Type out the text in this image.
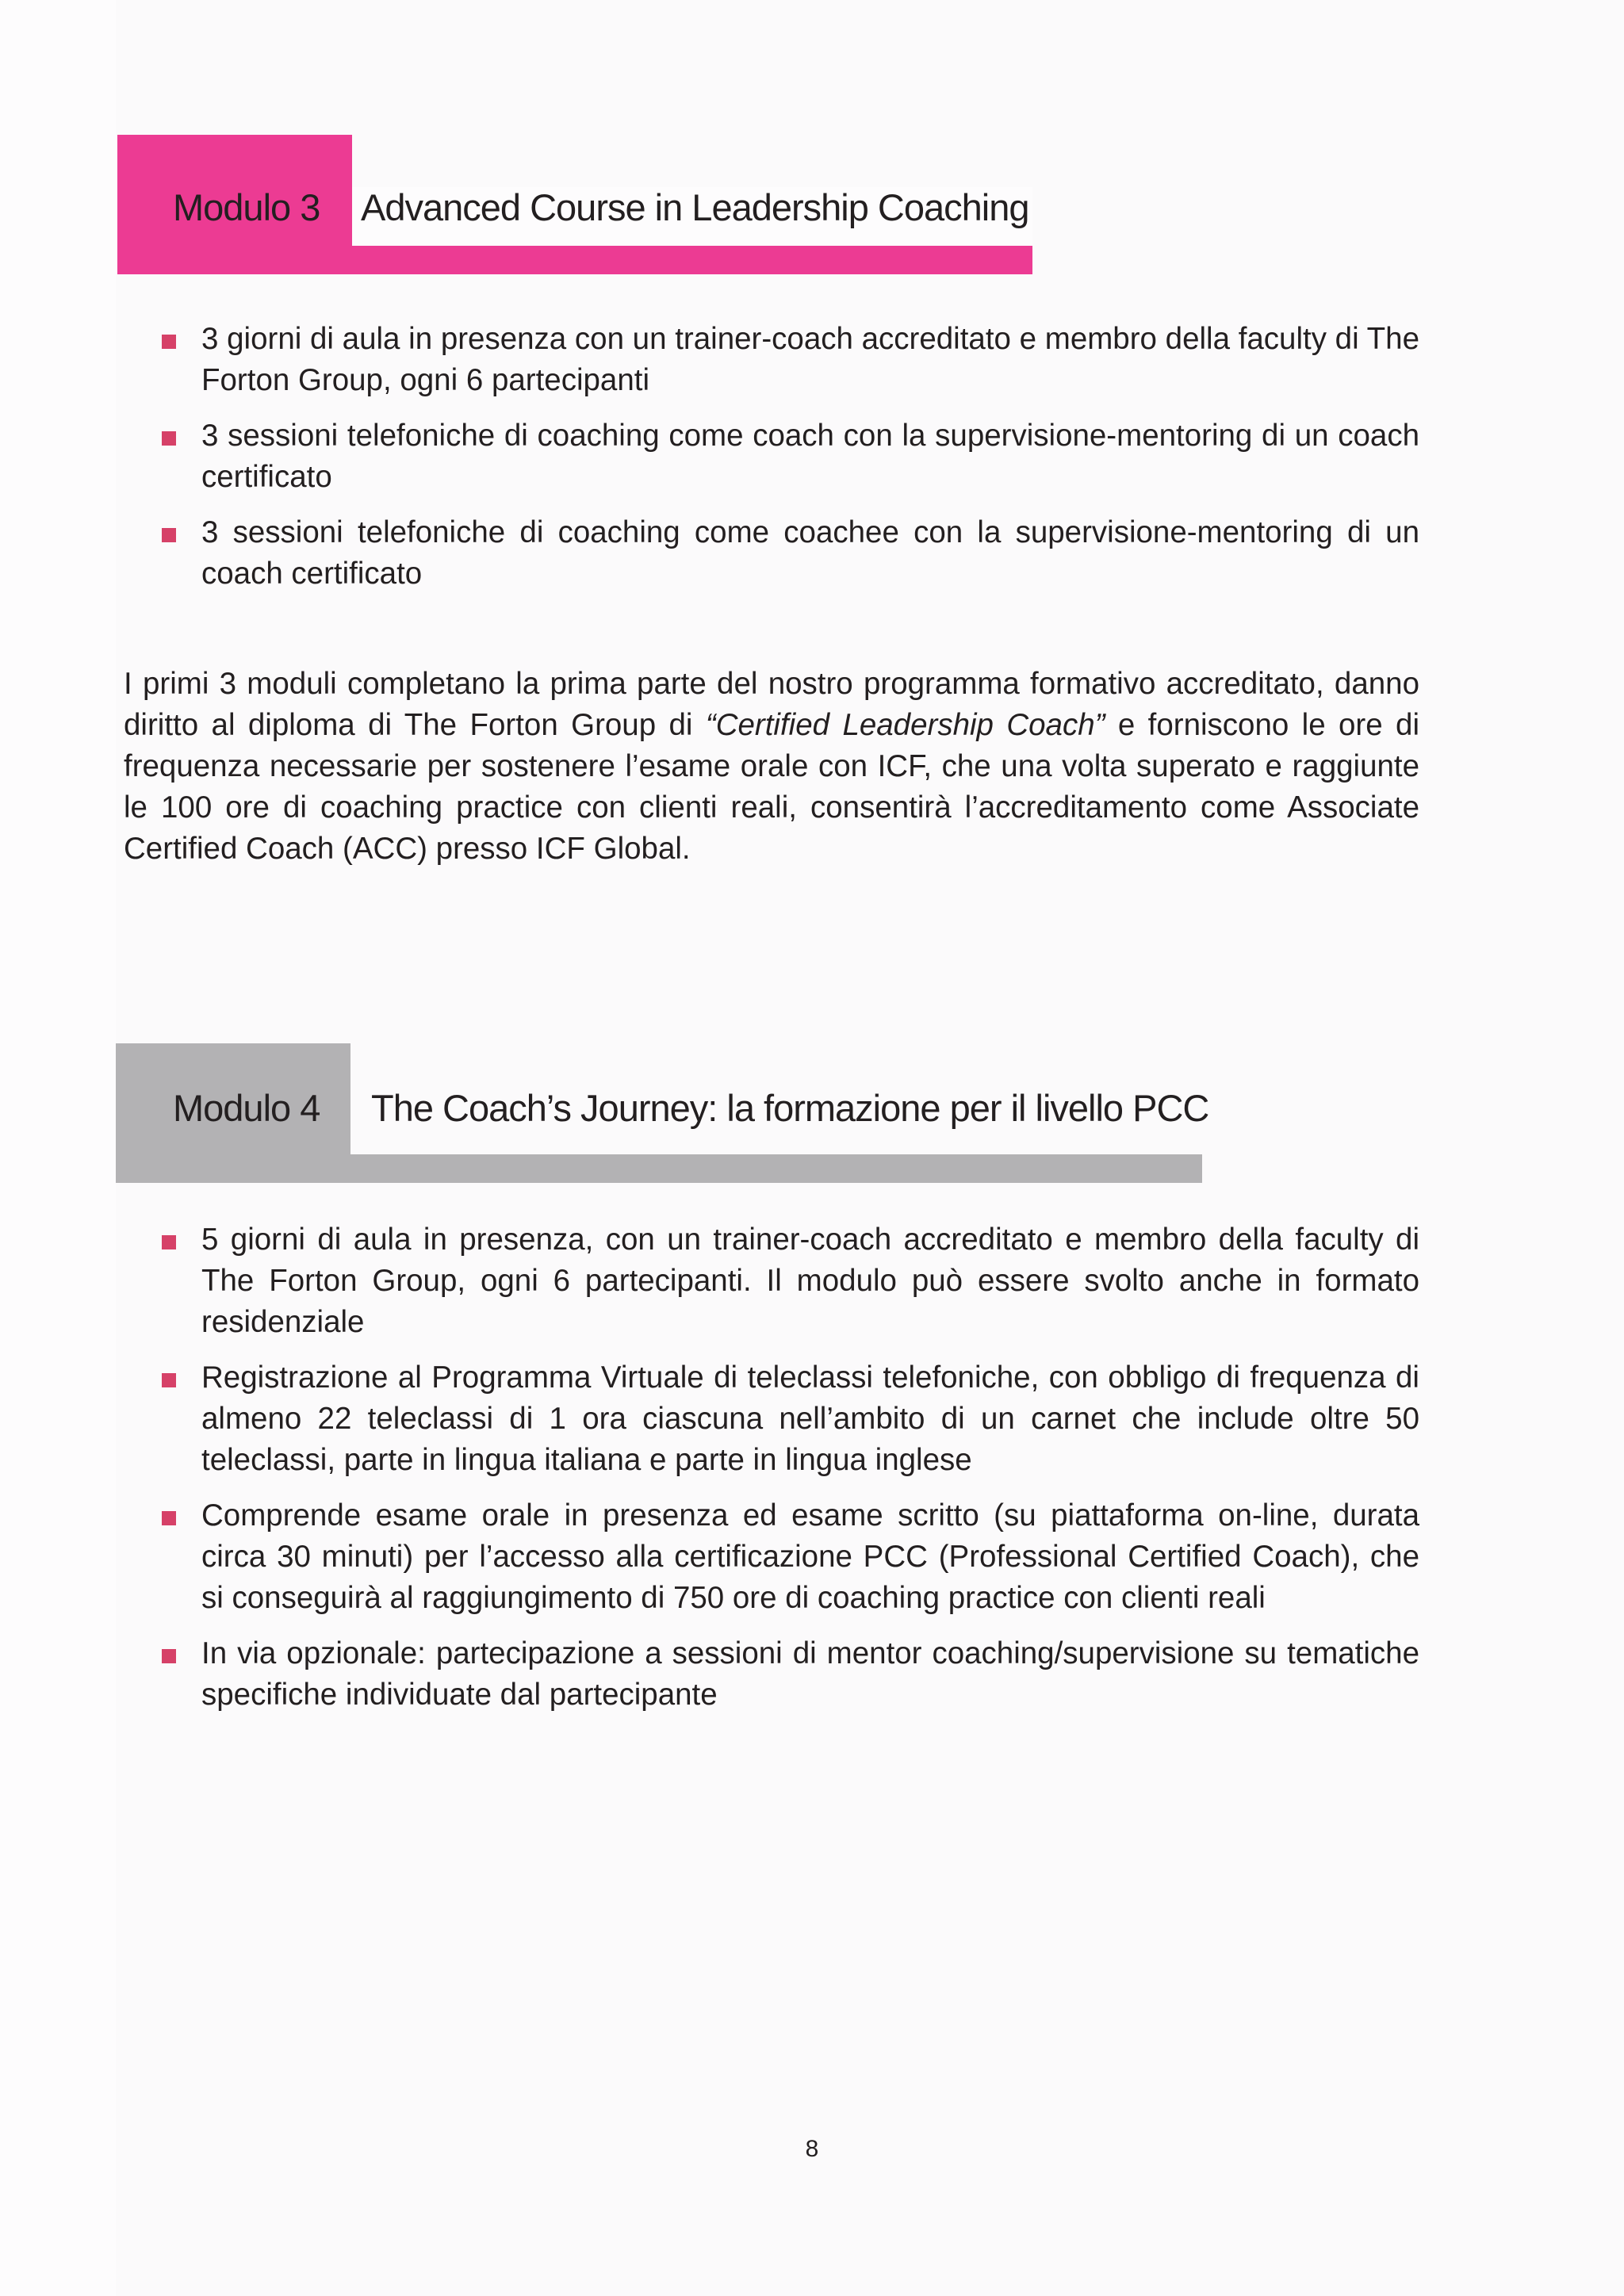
Modulo 3 Advanced Course in Leadership Coaching
3 giorni di aula in presenza con un trainer-coach accreditato e membro della faculty di The Forton Group, ogni 6 partecipanti
3 sessioni telefoniche di coaching come coach con la supervisione-mentoring di un coach certificato
3 sessioni telefoniche di coaching come coachee con la supervisione-mentoring di un coach certificato

I primi 3 moduli completano la prima parte del nostro programma formativo accreditato, danno diritto al diploma di The Forton Group di “Certified Leadership Coach” e forniscono le ore di frequenza necessarie per sostenere l’esame orale con ICF, che una volta superato e raggiunte le 100 ore di coaching practice con clienti reali, consentirà l’accreditamento come Associate Certified Coach (ACC) presso ICF Global.

Modulo 4 The Coach’s Journey: la formazione per il livello PCC
5 giorni di aula in presenza, con un trainer-coach accreditato e membro della faculty di The Forton Group, ogni 6 partecipanti. Il modulo può essere svolto anche in formato residenziale
Registrazione al Programma Virtuale di teleclassi telefoniche, con obbligo di frequenza di almeno 22 teleclassi di 1 ora ciascuna nell’ambito di un carnet che include oltre 50 teleclassi, parte in lingua italiana e parte in lingua inglese
Comprende esame orale in presenza ed esame scritto (su piattaforma on-line, durata circa 30 minuti) per l’accesso alla certificazione PCC (Professional Certified Coach), che si conseguirà al raggiungimento di 750 ore di coaching practice con clienti reali
In via opzionale: partecipazione a sessioni di mentor coaching/supervisione su tematiche specifiche individuate dal partecipante
8
